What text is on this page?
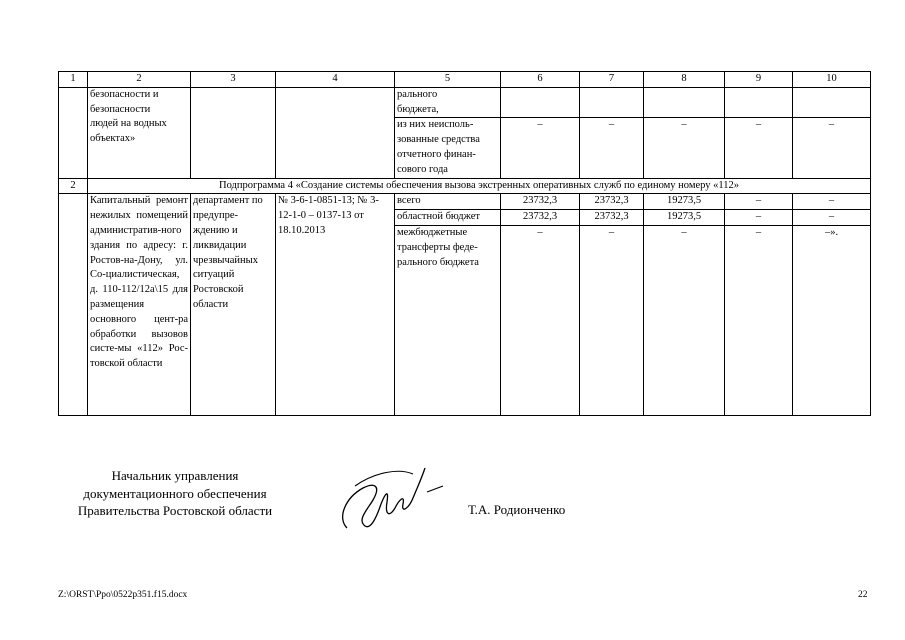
1	2	3	4	5	6	7	8	9	10
	безопасности и
безопасности
людей на водных
объектах»			рального
бюджета,					
				из них неисполь-
зованные средства
отчетного финан-
сового года	–	–	–	–	–
2	Подпрограмма 4 «Создание системы обеспечения вызова экстренных оперативных служб по единому номеру «112»								
	Капитальный ремонт нежилых помещений административ-ного здания по адресу: г. Ростов-на-Дону, ул. Со-циалистическая, д. 110-112/12а\15 для размещения основного цент-ра обработки вызовов систе-мы «112» Рос-товской области	департамент по предупре-ждению и ликвидации чрезвычайных ситуаций Ростовской области	№ 3-6-1-0851-13; № 3-12-1-0 – 0137-13 от 18.10.2013	всего	23732,3	23732,3	19273,5	–	–
				областной бюджет	23732,3	23732,3	19273,5	–	–
				межбюджетные
трансферты феде-
рального бюджета	–	–	–	–	–».
Начальник управления
документационного обеспечения
Правительства Ростовской области	Т.А. Родионченко
Z:\ORST\Ppo\0522p351.f15.docx	22
